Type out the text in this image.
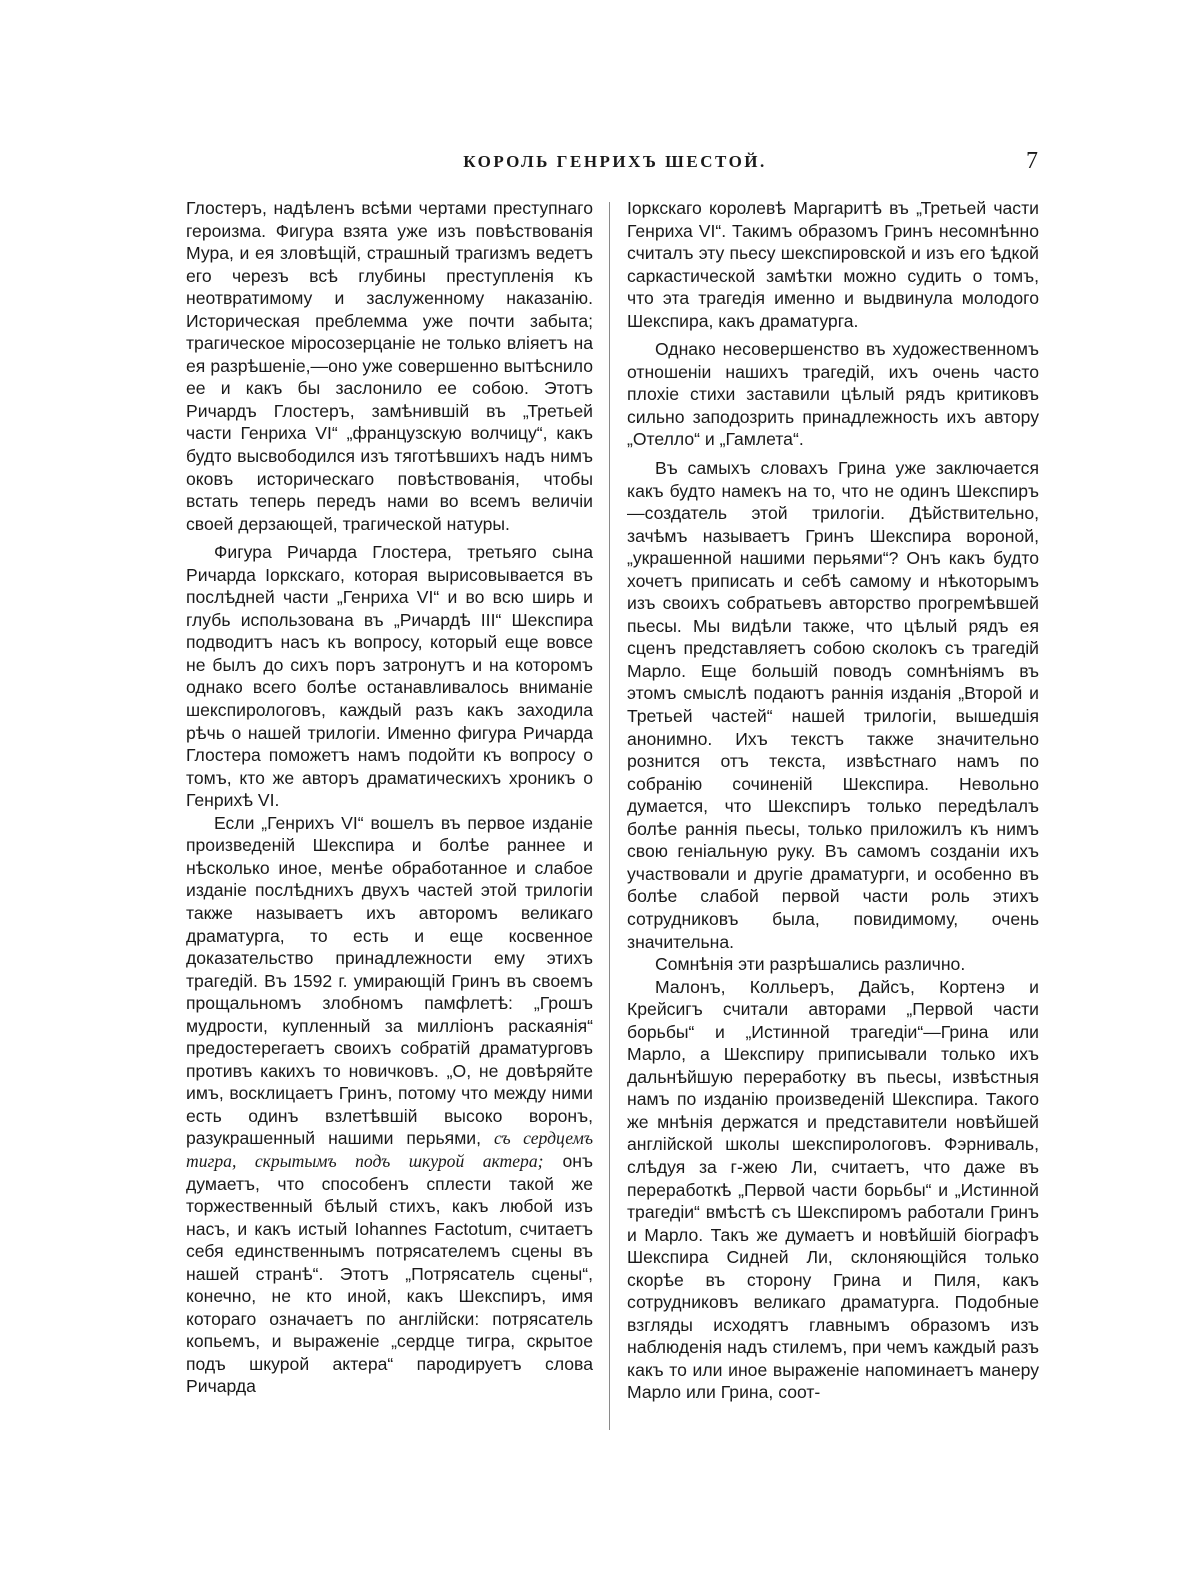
КОРОЛЬ ГЕНРИХЪ ШЕСТОЙ.	7

Глостеръ, надѣленъ всѣми чертами преступнаго героизма. Фигура взята уже изъ повѣствованія Мура, и ея зловѣщій, страшный трагизмъ ведетъ его черезъ всѣ глубины преступленія къ неотвратимому и заслуженному наказанію. Историческая преблемма уже почти забыта; трагическое міросозерцаніе не только вліяетъ на ея разрѣшеніе,—оно уже совершенно вытѣснило ее и какъ бы заслонило ее собою. Этотъ Ричардъ Глостеръ, замѣнившій въ „Третьей части Генриха VI“ „французскую волчицу“, какъ будто высвободился изъ тяготѣвшихъ надъ нимъ оковъ историческаго повѣствованія, чтобы встать теперь передъ нами во всемъ величіи своей дерзающей, трагической натуры.

Фигура Ричарда Глостера, третьяго сына Ричарда Іоркскаго, которая вырисовывается въ послѣдней части „Генриха VI“ и во всю ширь и глубь использована въ „Ричардѣ III“ Шекспира подводитъ насъ къ вопросу, который еще вовсе не былъ до сихъ поръ затронутъ и на которомъ однако всего болѣе останавливалось вниманіе шекспирологовъ, каждый разъ какъ заходила рѣчь о нашей трилогіи. Именно фигура Ричарда Глостера поможетъ намъ подойти къ вопросу о томъ, кто же авторъ драматическихъ хроникъ о Генрихѣ VI.

Если „Генрихъ VI“ вошелъ въ первое изданіе произведеній Шекспира и болѣе раннее и нѣсколько иное, менѣе обработанное и слабое изданіе послѣднихъ двухъ частей этой трилогіи также называетъ ихъ авторомъ великаго драматурга, то есть и еще косвенное доказательство принадлежности ему этихъ трагедій. Въ 1592 г. умирающій Гринъ въ своемъ прощальномъ злобномъ памфлетѣ: „Грошъ мудрости, купленный за милліонъ раскаянія“ предостерегаетъ своихъ собратій драматурговъ противъ какихъ то новичковъ. „О, не довѣряйте имъ, восклицаетъ Гринъ, потому что между ними есть одинъ взлетѣвшій высоко воронъ, разукрашенный нашими перьями, съ сердцемъ тигра, скрытымъ подъ шкурой актера; онъ думаетъ, что способенъ сплести такой же торжественный бѣлый стихъ, какъ любой изъ насъ, и какъ истый Iohannes Factotum, считаетъ себя единственнымъ потрясателемъ сцены въ нашей странѣ“. Этотъ „Потрясатель сцены“, конечно, не кто иной, какъ Шекспиръ, имя котораго означаетъ по англійски: потрясатель копьемъ, и выраженіе „сердце тигра, скрытое подъ шкурой актера“ пародируетъ слова Ричарда

Іоркскаго королевѣ Маргаритѣ въ „Третьей части Генриха VI“. Такимъ образомъ Гринъ несомнѣнно считалъ эту пьесу шекспировской и изъ его ѣдкой саркастической замѣтки можно судить о томъ, что эта трагедія именно и выдвинула молодого Шекспира, какъ драматурга.

Однако несовершенство въ художественномъ отношеніи нашихъ трагедій, ихъ очень часто плохіе стихи заставили цѣлый рядъ критиковъ сильно заподозрить принадлежность ихъ автору „Отелло“ и „Гамлета“.

Въ самыхъ словахъ Грина уже заключается какъ будто намекъ на то, что не одинъ Шекспиръ—создатель этой трилогіи. Дѣйствительно, зачѣмъ называетъ Гринъ Шекспира вороной, „украшенной нашими перьями“? Онъ какъ будто хочетъ приписать и себѣ самому и нѣкоторымъ изъ своихъ собратьевъ авторство прогремѣвшей пьесы. Мы видѣли также, что цѣлый рядъ ея сценъ представляетъ собою сколокъ съ трагедій Марло. Еще большій поводъ сомнѣніямъ въ этомъ смыслѣ подаютъ раннія изданія „Второй и Третьей частей“ нашей трилогіи, вышедшія анонимно. Ихъ текстъ также значительно рознится отъ текста, извѣстнаго намъ по собранію сочиненій Шекспира. Невольно думается, что Шекспиръ только передѣлалъ болѣе раннія пьесы, только приложилъ къ нимъ свою геніальную руку. Въ самомъ созданіи ихъ участвовали и другіе драматурги, и особенно въ болѣе слабой первой части роль этихъ сотрудниковъ была, повидимому, очень значительна.

Сомнѣнія эти разрѣшались различно.

Малонъ, Колльеръ, Дайсъ, Кортенэ и Крейсигъ считали авторами „Первой части борьбы“ и „Истинной трагедіи“—Грина или Марло, а Шекспиру приписывали только ихъ дальнѣйшую переработку въ пьесы, извѣстныя намъ по изданію произведеній Шекспира. Такого же мнѣнія держатся и представители новѣйшей англійской школы шекспирологовъ. Фэрниваль, слѣдуя за г-жею Ли, считаетъ, что даже въ переработкѣ „Первой части борьбы“ и „Истинной трагедіи“ вмѣстѣ съ Шекспиромъ работали Гринъ и Марло. Такъ же думаетъ и новѣйшій біографъ Шекспира Сидней Ли, склоняющійся только скорѣе въ сторону Грина и Пиля, какъ сотрудниковъ великаго драматурга. Подобные взгляды исходятъ главнымъ образомъ изъ наблюденія надъ стилемъ, при чемъ каждый разъ какъ то или иное выраженіе напоминаетъ манеру Марло или Грина, соот-
